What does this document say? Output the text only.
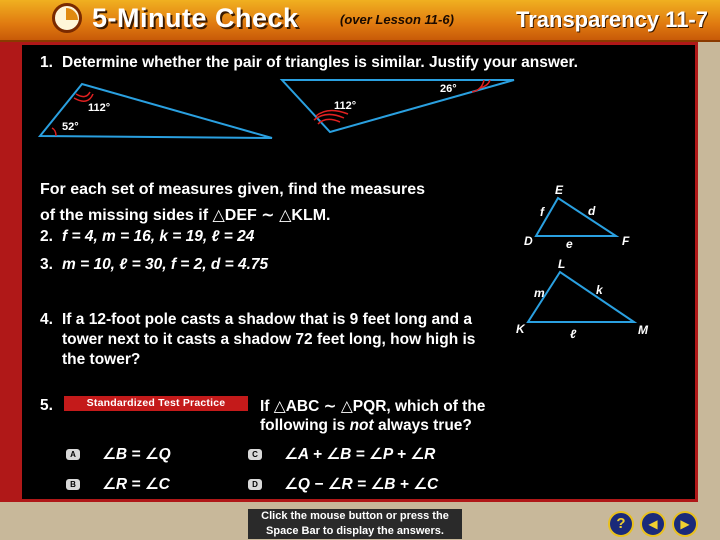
5-Minute Check	(over Lesson 11-6)	Transparency 11-7
1. Determine whether the pair of triangles is similar. Justify your answer.
112°
52°
112°
26°
For each set of measures given, find the measures
of the missing sides if △DEF ∼ △KLM.
2. f = 4, m = 16, k = 19, ℓ = 24
3. m = 10, ℓ = 30, f = 2, d = 4.75
E
D	F
f	d
e
L
K	M
m	k
ℓ
4. If a 12-foot pole casts a shadow that is 9 feet long and a
tower next to it casts a shadow 72 feet long, how high is
the tower?
5.	Standardized Test Practice	If △ABC ∼ △PQR, which of the
following is not always true?
A ∠B = ∠Q
B ∠R = ∠C
C ∠A + ∠B = ∠P + ∠R
D ∠Q − ∠R = ∠B + ∠C
Click the mouse button or press the
Space Bar to display the answers.	?	◀	▶
